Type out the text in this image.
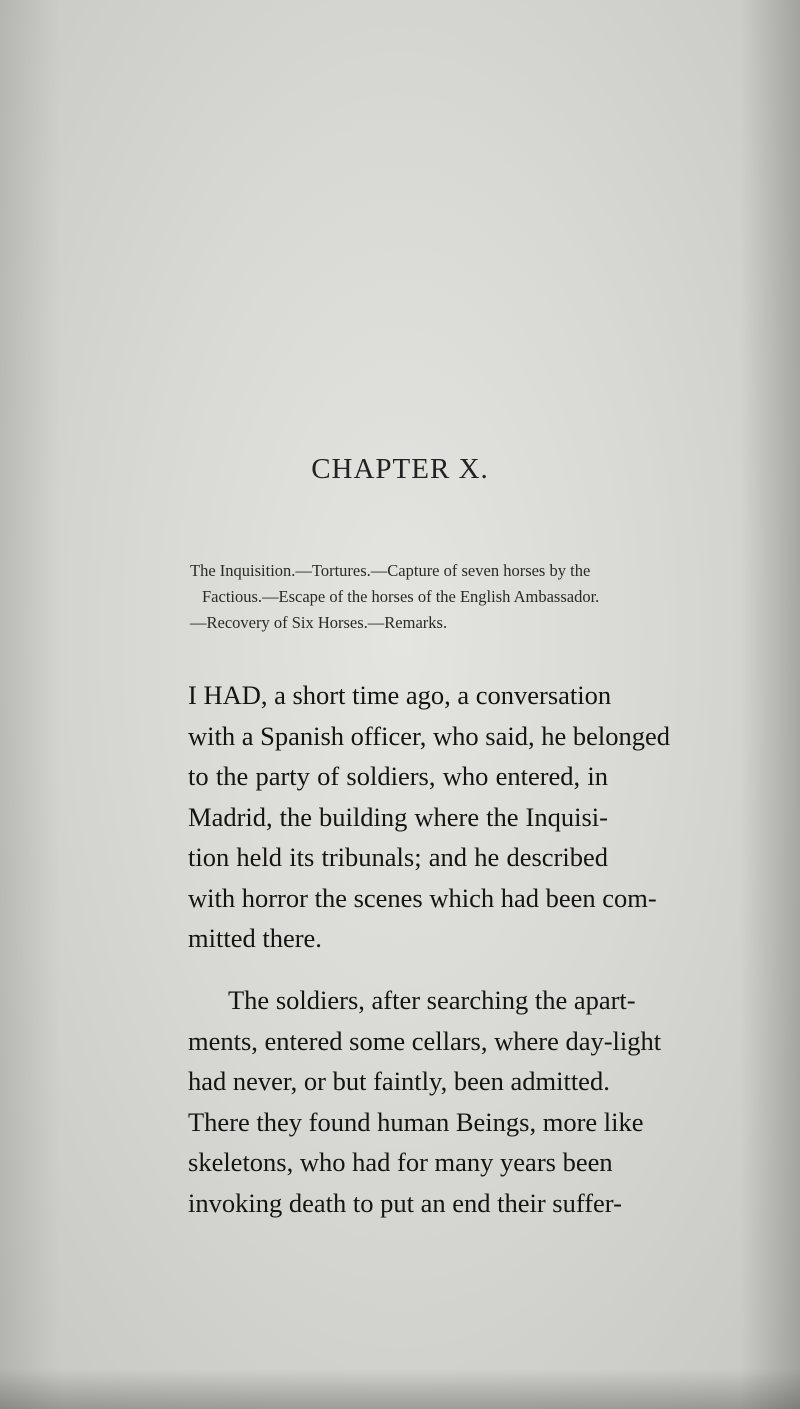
CHAPTER X.
The Inquisition.—Tortures.—Capture of seven horses by the
Factious.—Escape of the horses of the English Ambassador.
—Recovery of Six Horses.—Remarks.
I HAD, a short time ago, a conversation
with a Spanish officer, who said, he belonged
to the party of soldiers, who entered, in
Madrid, the building where the Inquisi-
tion held its tribunals; and he described
with horror the scenes which had been com-
mitted there.
The soldiers, after searching the apart-
ments, entered some cellars, where day-light
had never, or but faintly, been admitted.
There they found human Beings, more like
skeletons, who had for many years been
invoking death to put an end their suffer-
